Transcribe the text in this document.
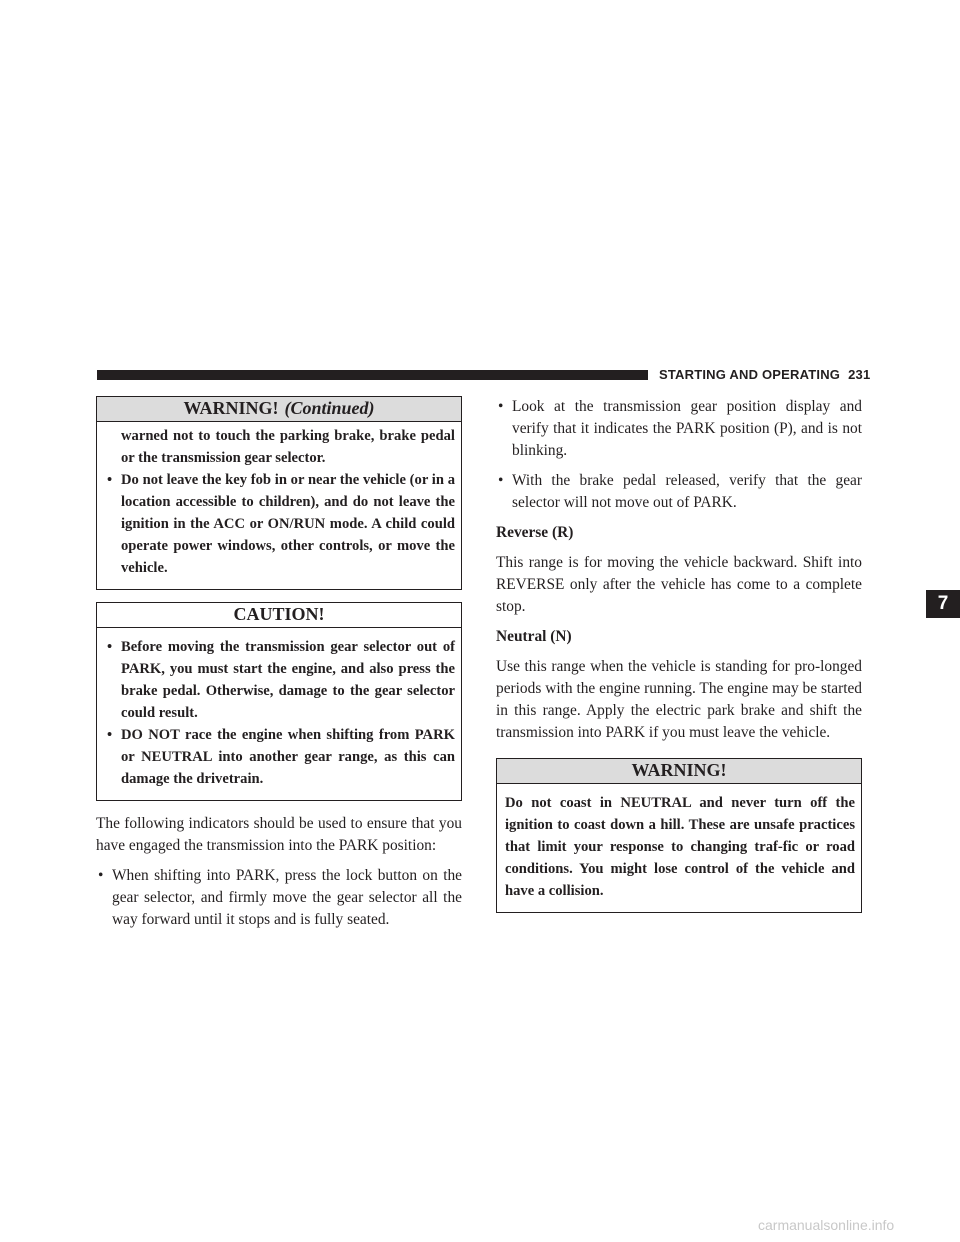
STARTING AND OPERATING 231
WARNING! (Continued)
warned not to touch the parking brake, brake pedal or the transmission gear selector.
• Do not leave the key fob in or near the vehicle (or in a location accessible to children), and do not leave the ignition in the ACC or ON/RUN mode. A child could operate power windows, other controls, or move the vehicle.
CAUTION!
• Before moving the transmission gear selector out of PARK, you must start the engine, and also press the brake pedal. Otherwise, damage to the gear selector could result.
• DO NOT race the engine when shifting from PARK or NEUTRAL into another gear range, as this can damage the drivetrain.

The following indicators should be used to ensure that you have engaged the transmission into the PARK position:

• When shifting into PARK, press the lock button on the gear selector, and firmly move the gear selector all the way forward until it stops and is fully seated.
• Look at the transmission gear position display and verify that it indicates the PARK position (P), and is not blinking.
• With the brake pedal released, verify that the gear selector will not move out of PARK.
Reverse (R)

This range is for moving the vehicle backward. Shift into REVERSE only after the vehicle has come to a complete stop.

Neutral (N)

Use this range when the vehicle is standing for pro-longed periods with the engine running. The engine may be started in this range. Apply the electric park brake and shift the transmission into PARK if you must leave the vehicle.

WARNING!
Do not coast in NEUTRAL and never turn off the ignition to coast down a hill. These are unsafe practices that limit your response to changing traf-fic or road conditions. You might lose control of the vehicle and have a collision.
7
carmanualsonline.info
